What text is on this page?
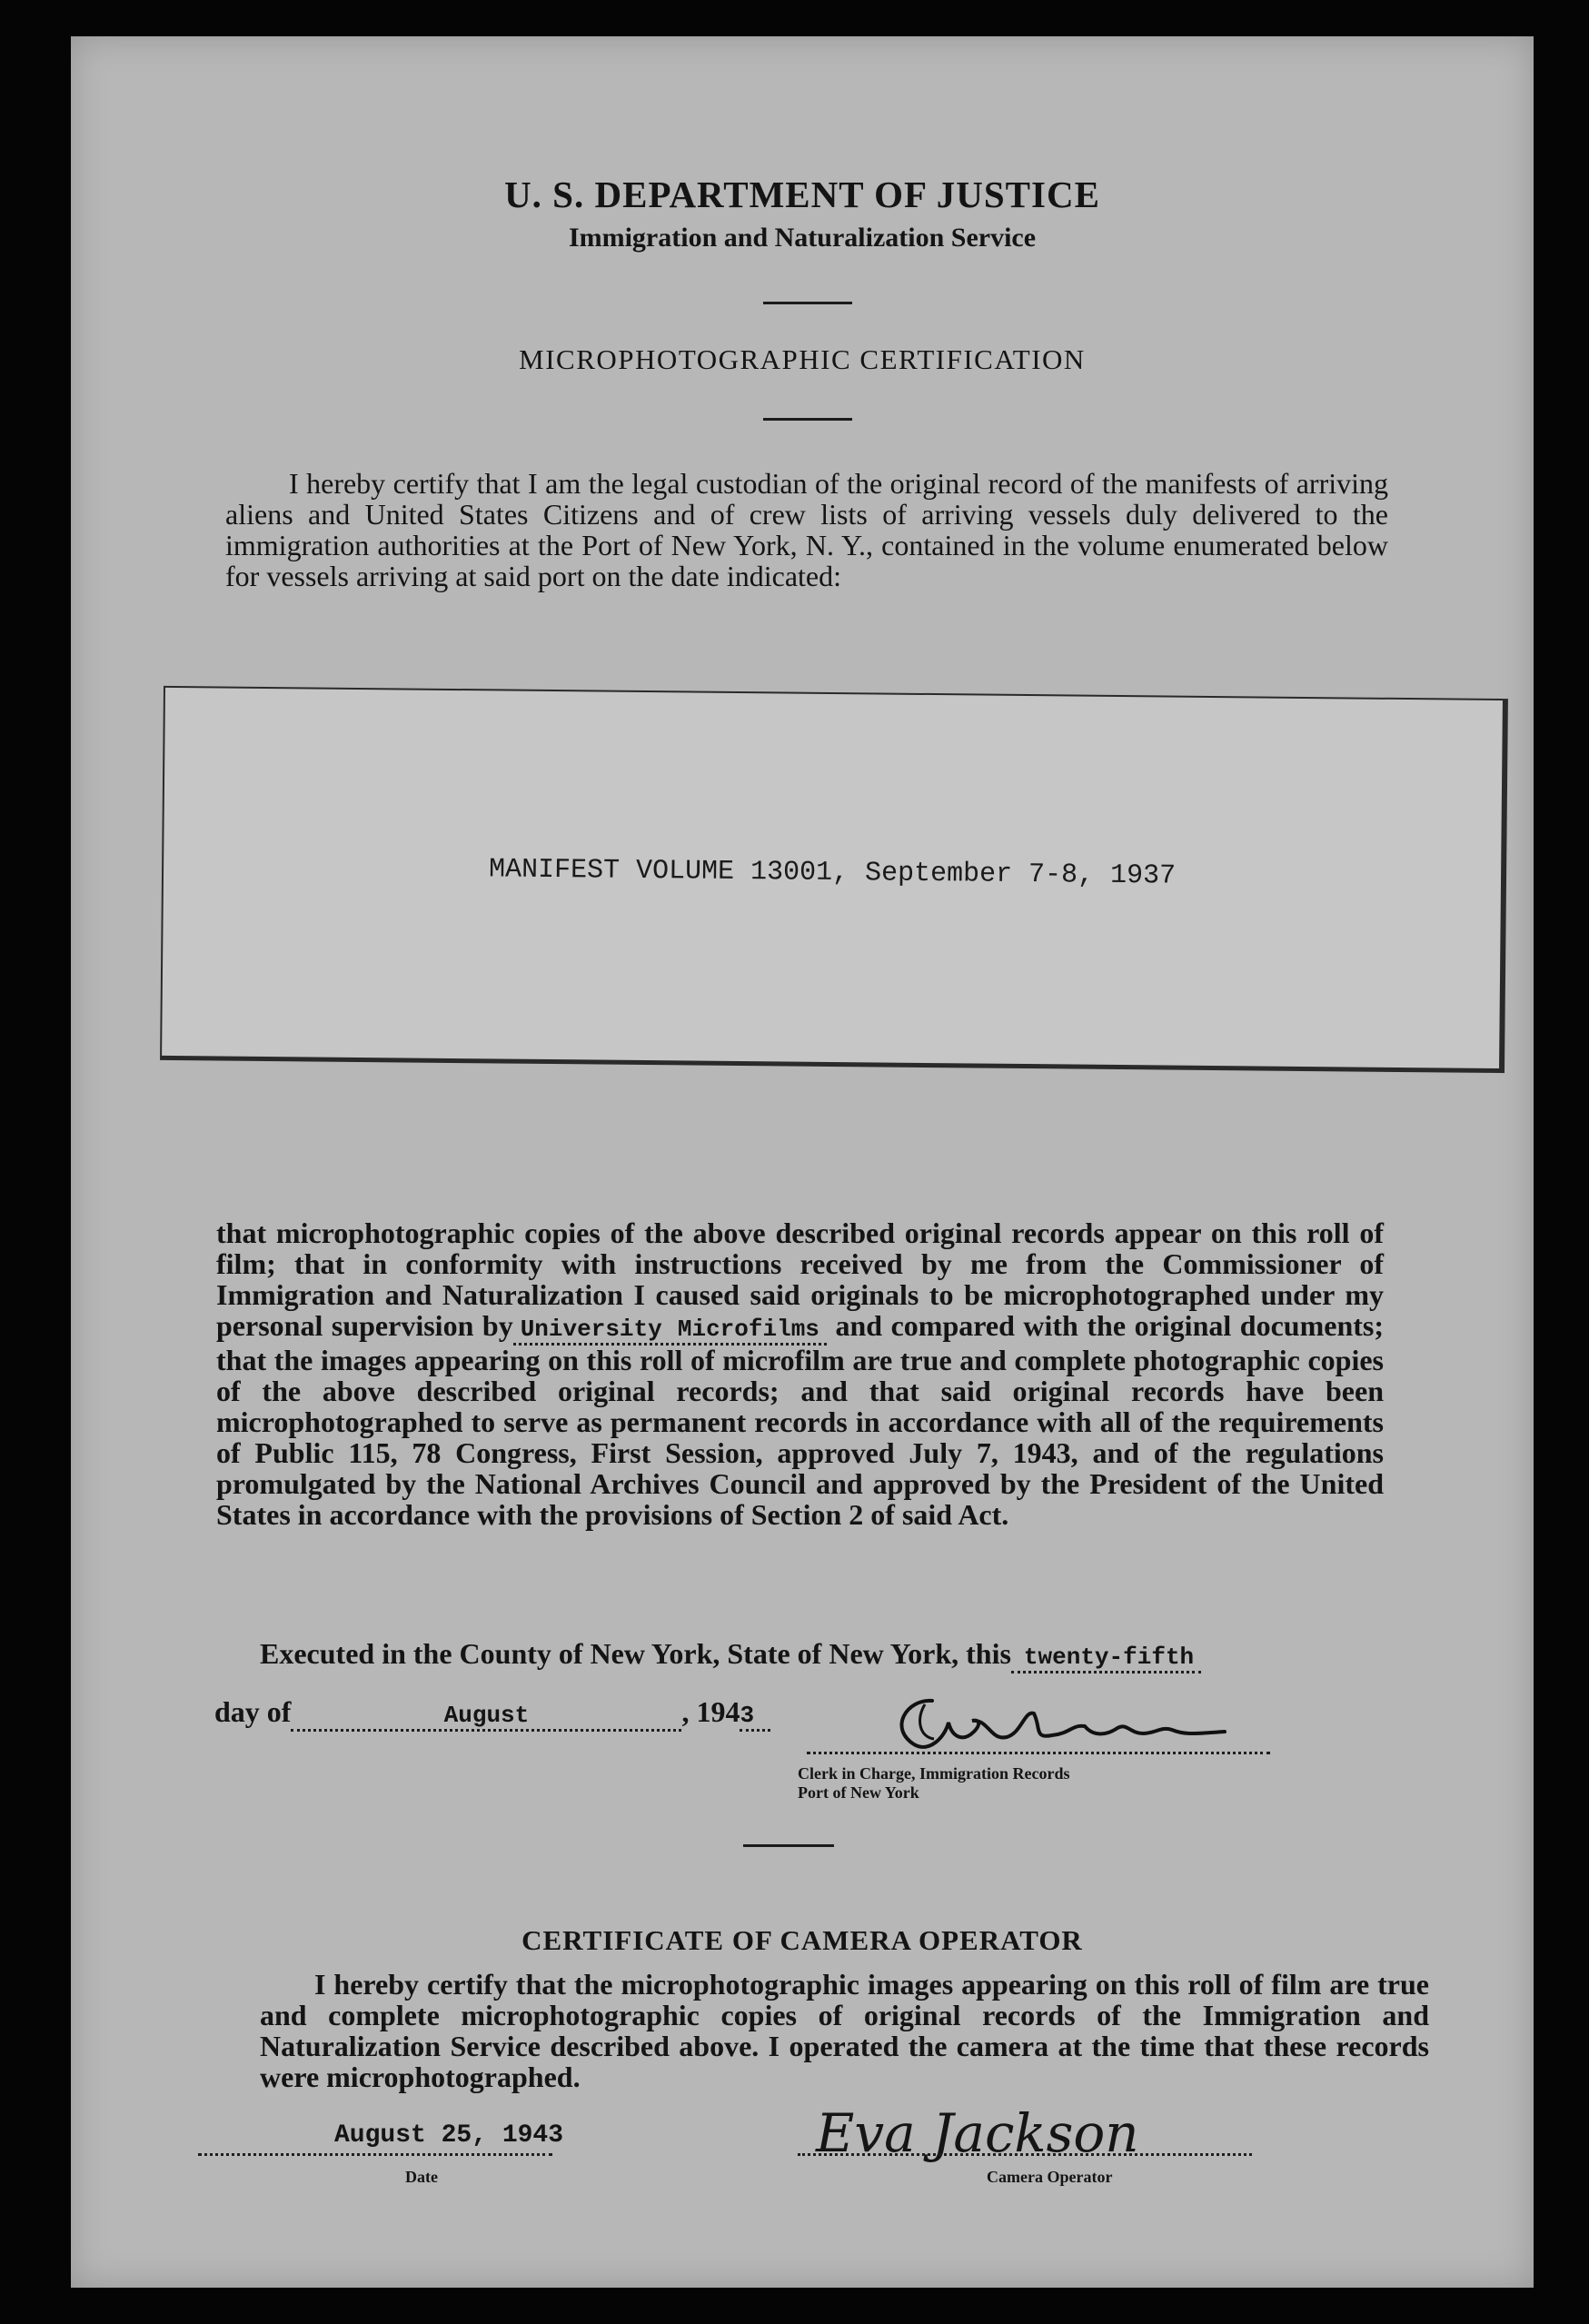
U. S. DEPARTMENT OF JUSTICE
Immigration and Naturalization Service
MICROPHOTOGRAPHIC CERTIFICATION
I hereby certify that I am the legal custodian of the original record of the manifests of arriving aliens and United States Citizens and of crew lists of arriving vessels duly delivered to the immigration authorities at the Port of New York, N. Y., contained in the volume enumerated below for vessels arriving at said port on the date indicated:
MANIFEST VOLUME 13001, September 7-8, 1937
that microphotographic copies of the above described original records appear on this roll of film; that in conformity with instructions received by me from the Commissioner of Immigration and Naturalization I caused said originals to be microphotographed under my personal supervision by University Microfilms and compared with the original documents; that the images appearing on this roll of microfilm are true and complete photographic copies of the above described original records; and that said original records have been microphotographed to serve as permanent records in accordance with all of the requirements of Public 115, 78 Congress, First Session, approved July 7, 1943, and of the regulations promulgated by the National Archives Council and approved by the President of the United States in accordance with the provisions of Section 2 of said Act.
Executed in the County of New York, State of New York, this twenty-fifth
day of	August	, 1943
Clerk in Charge, Immigration Records
Port of New York
CERTIFICATE OF CAMERA OPERATOR
I hereby certify that the microphotographic images appearing on this roll of film are true and complete microphotographic copies of original records of the Immigration and Naturalization Service described above. I operated the camera at the time that these records were microphotographed.
August 25, 1943
Date
Eva Jackson
Camera Operator
